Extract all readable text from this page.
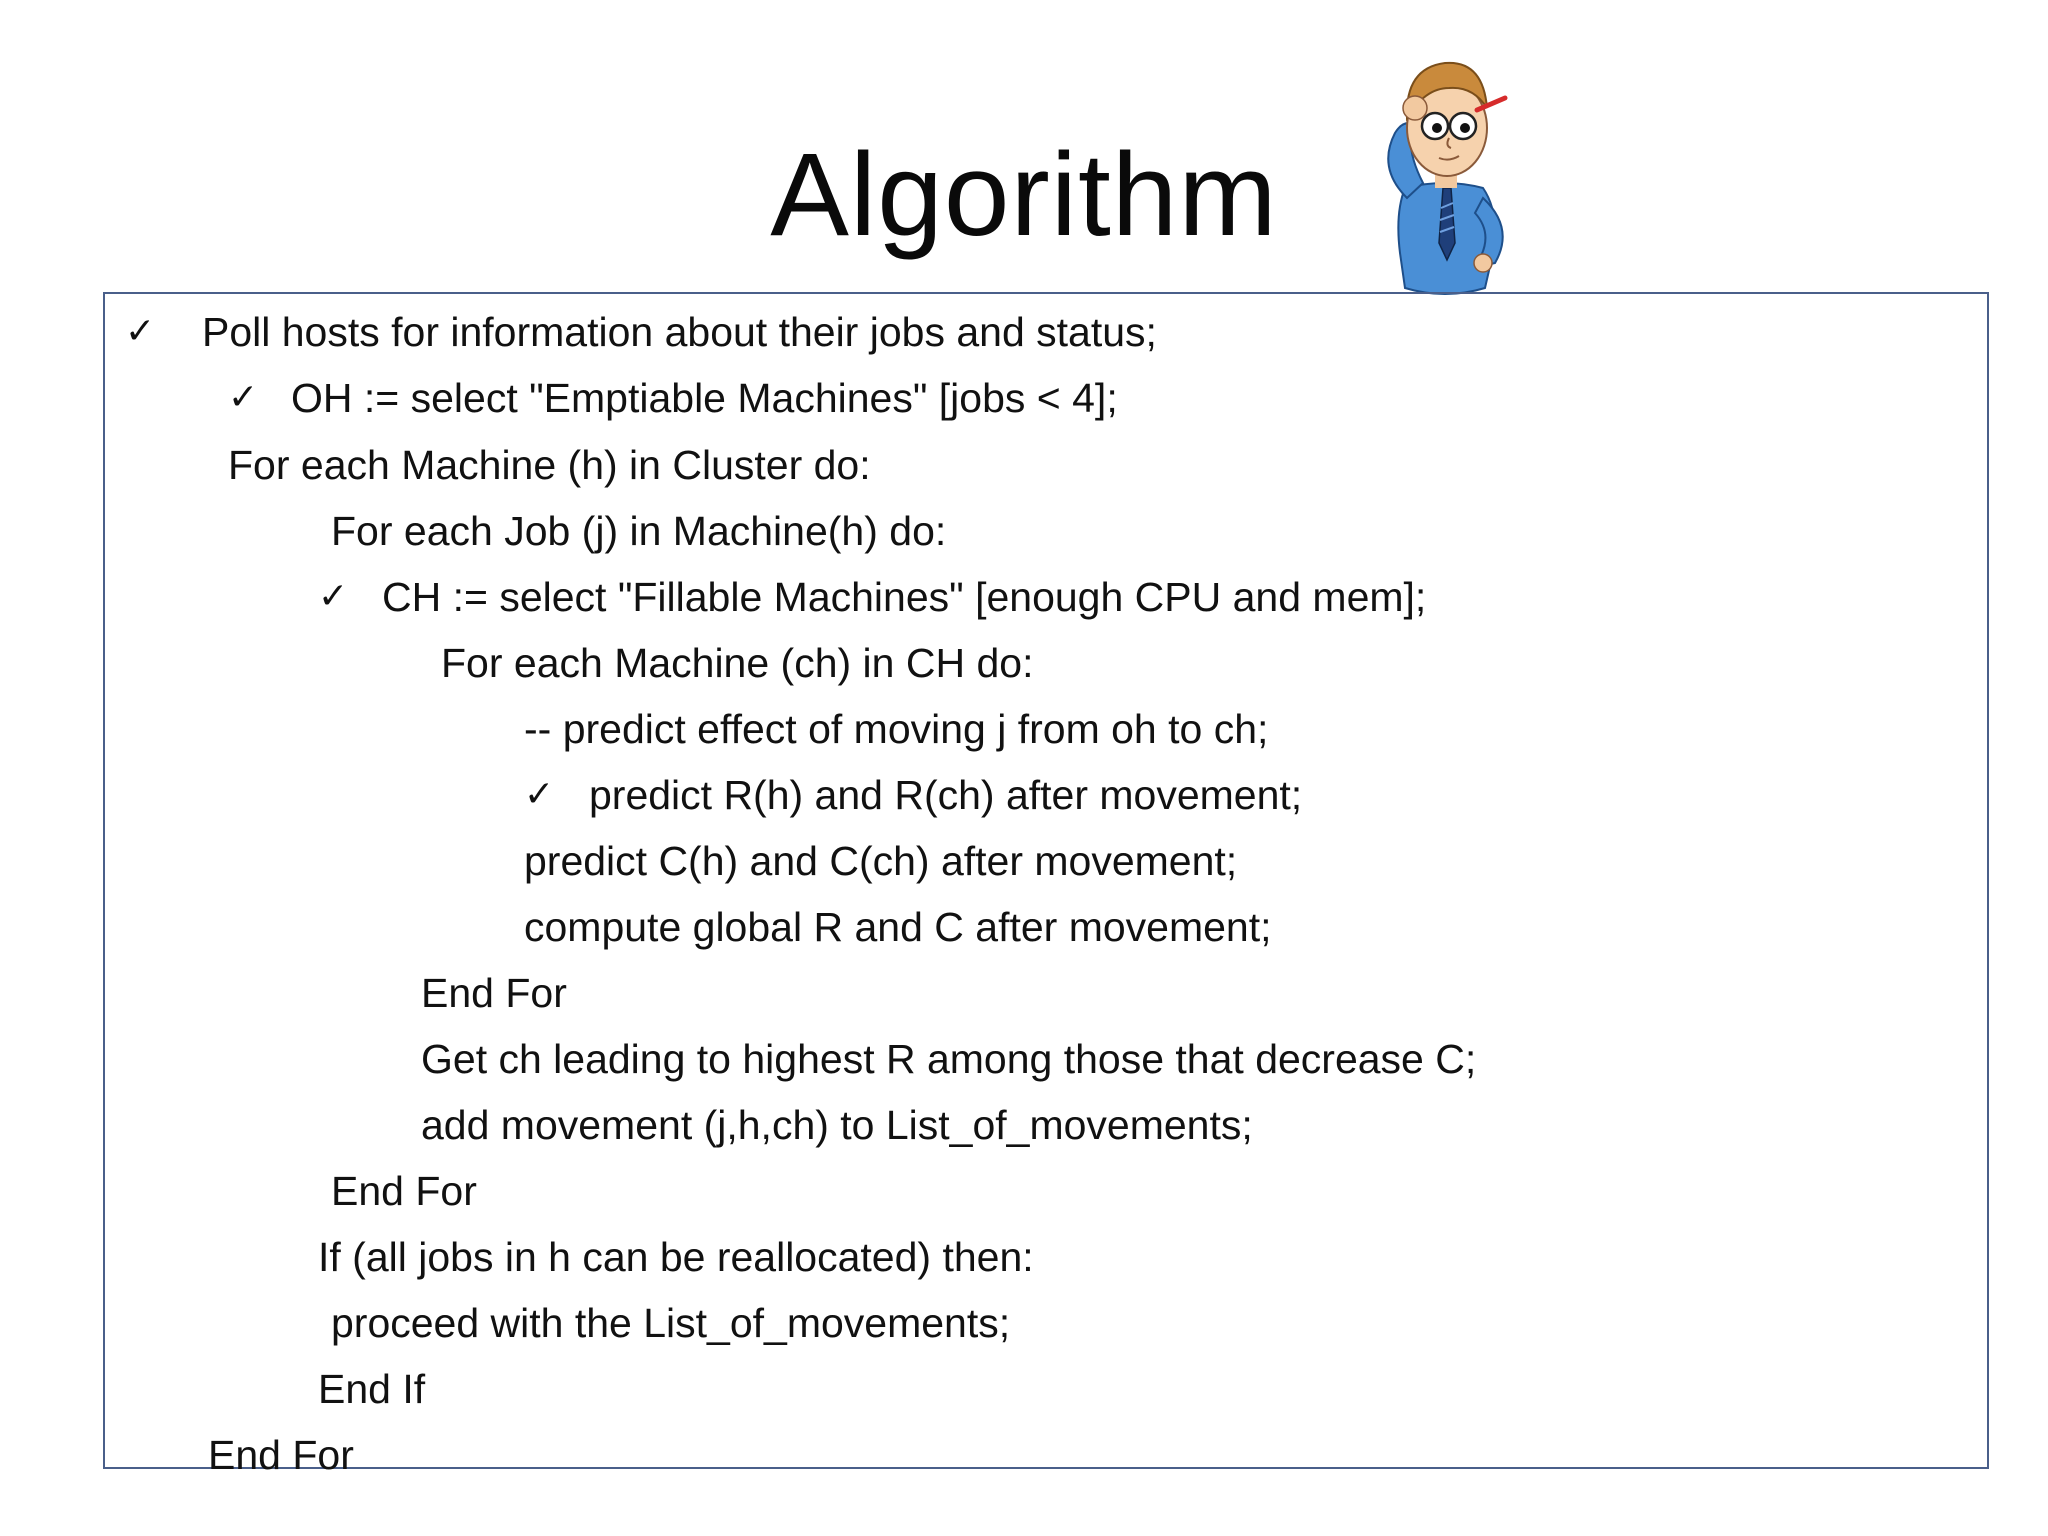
Algorithm
✓ Poll hosts for information about their jobs and status;
✓ OH := select "Emptiable Machines" [jobs < 4];
For each Machine (h) in Cluster do:
For each Job (j) in Machine(h) do:
✓ CH := select "Fillable Machines" [enough CPU and mem];
For each Machine (ch) in CH do:
-- predict effect of moving j from oh to ch;
✓ predict R(h) and R(ch) after movement;
predict C(h) and C(ch) after movement;
compute global R and C after movement;
End For
Get ch leading to highest R among those that decrease C;
add movement (j,h,ch) to List_of_movements;
End For
If (all jobs in h can be reallocated) then:
proceed with the List_of_movements;
End If
End For
